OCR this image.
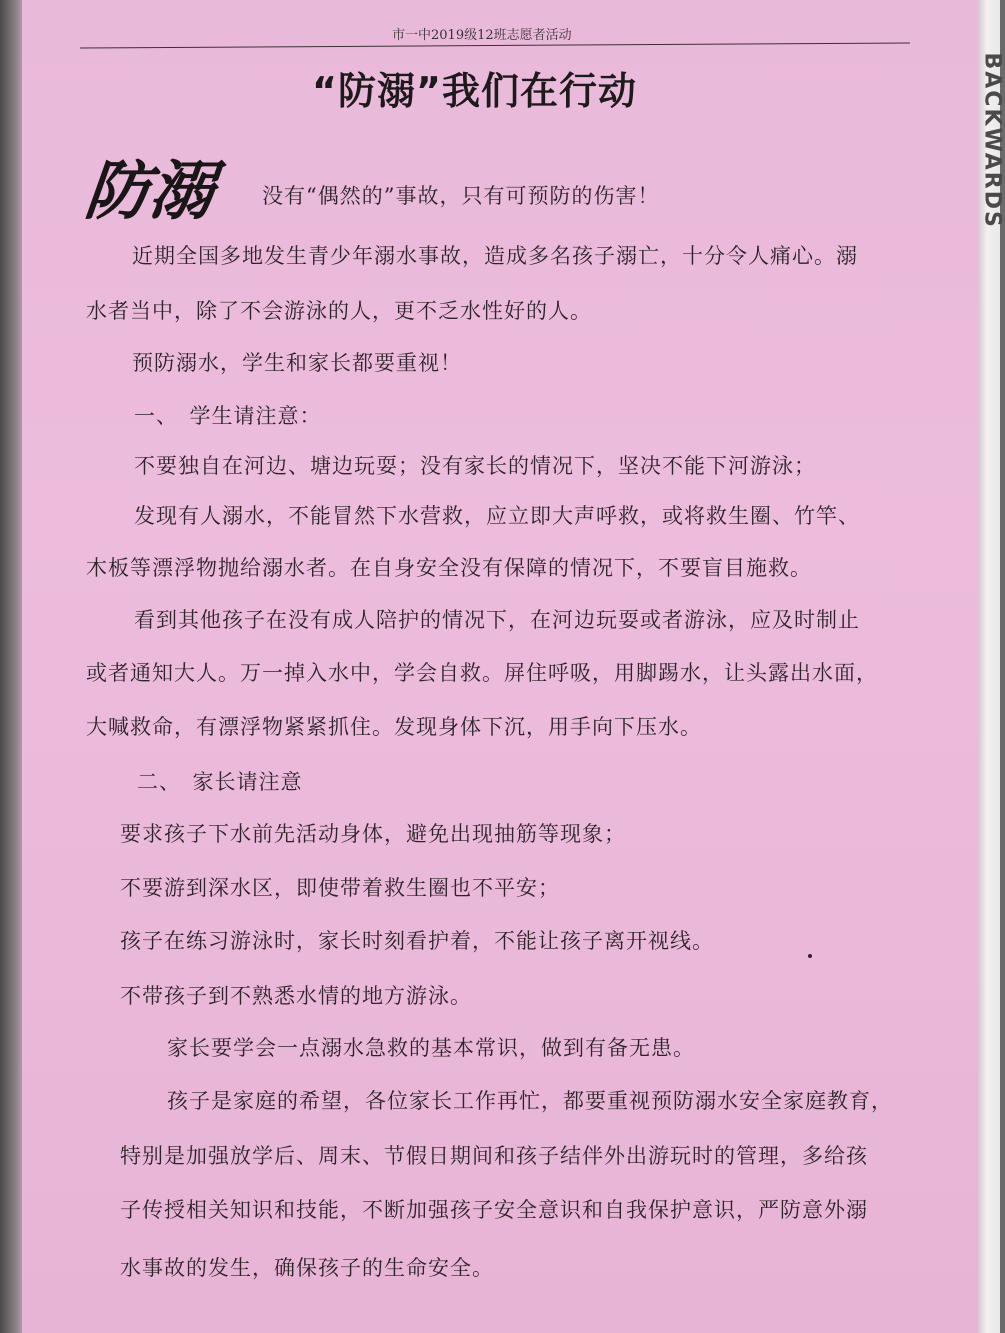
市一中2019级12班志愿者活动
“防溺”我们在行动
防溺 没有“偶然的”事故，只有可预防的伤害！
近期全国多地发生青少年溺水事故，造成多名孩子溺亡，十分令人痛心。溺
水者当中，除了不会游泳的人，更不乏水性好的人。
预防溺水，学生和家长都要重视！
一、　学生请注意：
不要独自在河边、塘边玩耍；没有家长的情况下，坚决不能下河游泳；
发现有人溺水，不能冒然下水营救，应立即大声呼救，或将救生圈、竹竿、
木板等漂浮物抛给溺水者。在自身安全没有保障的情况下，不要盲目施救。
看到其他孩子在没有成人陪护的情况下，在河边玩耍或者游泳，应及时制止
或者通知大人。万一掉入水中，学会自救。屏住呼吸，用脚踢水，让头露出水面，
大喊救命，有漂浮物紧紧抓住。发现身体下沉，用手向下压水。
二、　家长请注意
要求孩子下水前先活动身体，避免出现抽筋等现象；
不要游到深水区，即使带着救生圈也不平安；
孩子在练习游泳时，家长时刻看护着，不能让孩子离开视线。
不带孩子到不熟悉水情的地方游泳。
家长要学会一点溺水急救的基本常识，做到有备无患。
孩子是家庭的希望，各位家长工作再忙，都要重视预防溺水安全家庭教育，
特别是加强放学后、周末、节假日期间和孩子结伴外出游玩时的管理，多给孩
子传授相关知识和技能，不断加强孩子安全意识和自我保护意识，严防意外溺
水事故的发生，确保孩子的生命安全。
BACKWARDS
